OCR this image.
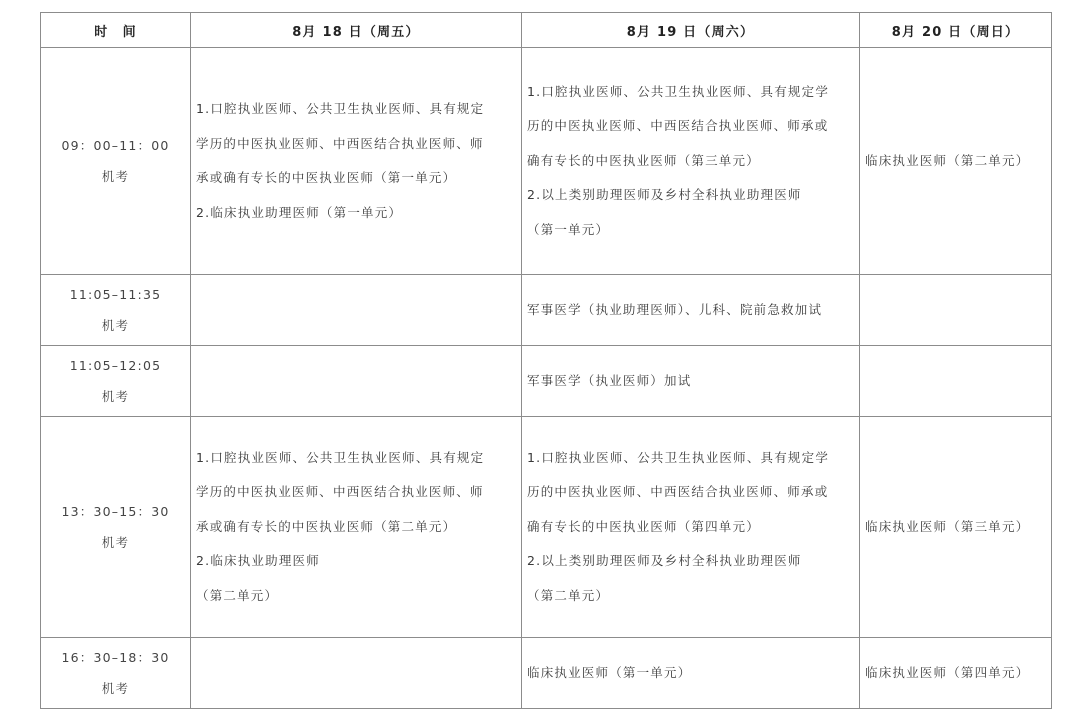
时　间	8月 18 日（周五）	8月 19 日（周六）	8月 20 日（周日）

09：00–11：00
机考	1.口腔执业医师、公共卫生执业医师、具有规定
学历的中医执业医师、中西医结合执业医师、师
承或确有专长的中医执业医师（第一单元）
2.临床执业助理医师（第一单元）	1.口腔执业医师、公共卫生执业医师、具有规定学
历的中医执业医师、中西医结合执业医师、师承或
确有专长的中医执业医师（第三单元）
2.以上类别助理医师及乡村全科执业助理医师
（第一单元）	临床执业医师（第二单元）

11:05–11:35
机考		军事医学（执业助理医师）、儿科、院前急救加试	

11:05–12:05
机考		军事医学（执业医师）加试	

13：30–15：30
机考	1.口腔执业医师、公共卫生执业医师、具有规定
学历的中医执业医师、中西医结合执业医师、师
承或确有专长的中医执业医师（第二单元）
2.临床执业助理医师
（第二单元）	1.口腔执业医师、公共卫生执业医师、具有规定学
历的中医执业医师、中西医结合执业医师、师承或
确有专长的中医执业医师（第四单元）
2.以上类别助理医师及乡村全科执业助理医师
（第二单元）	临床执业医师（第三单元）

16：30–18：30
机考		临床执业医师（第一单元）	临床执业医师（第四单元）
